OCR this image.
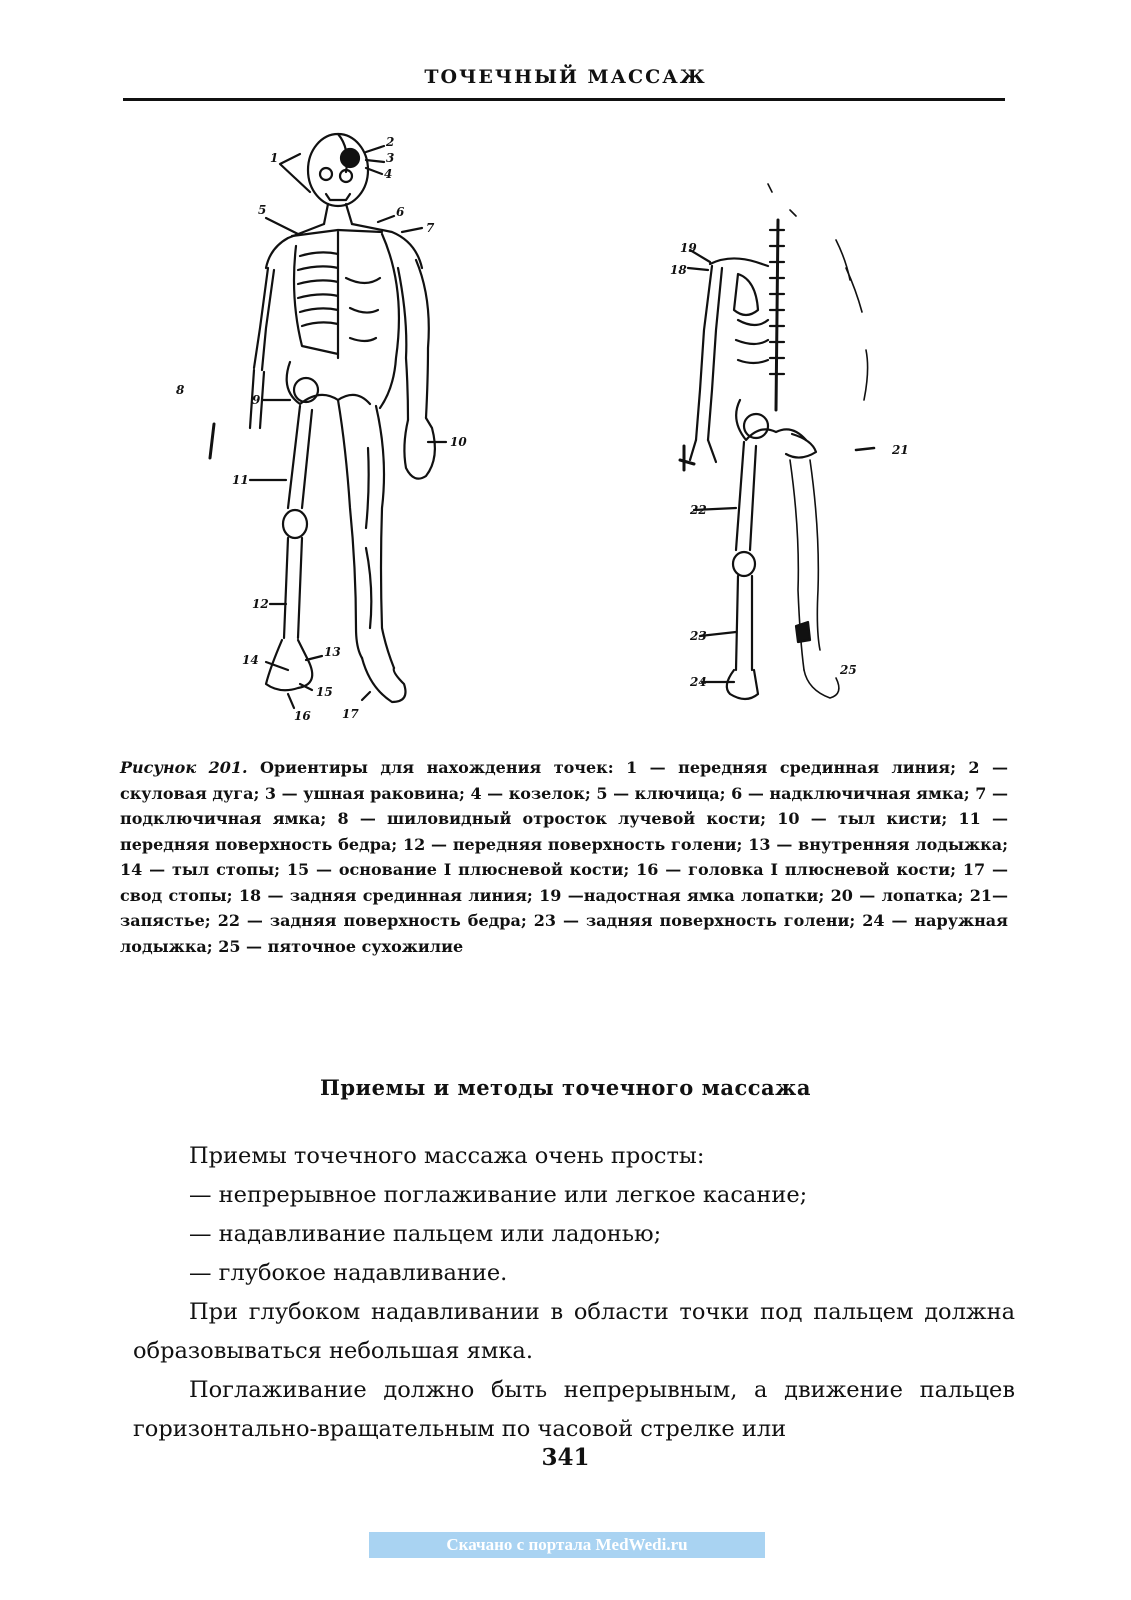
ТОЧЕЧНЫЙ МАССАЖ
1
2
3
4
5	6
7
8
9
10
11
12
13
14
15
16	17
19
18
21
22
23
24
25
Рисунок 201. Ориентиры для нахождения точек: 1 — передняя срединная линия; 2 — скуловая дуга; 3 — ушная раковина; 4 — козелок; 5 — ключица; 6 — надключичная ямка; 7 — подключичная ямка; 8 — шиловидный отросток лучевой кости; 10 — тыл кисти; 11 — передняя поверхность бедра; 12 — передняя поверхность голени; 13 — внутренняя лодыжка; 14 — тыл стопы; 15 — основание I плюсневой кости; 16 — головка I плюсневой кости; 17 — свод стопы; 18 — задняя срединная линия; 19 —надостная ямка лопатки; 20 — лопатка; 21— запястье; 22 — задняя поверхность бедра; 23 — задняя поверхность голени; 24 — наружная лодыжка; 25 — пяточное сухожилие
Приемы и методы точечного массажа

Приемы точечного массажа очень просты:

— непрерывное поглаживание или легкое касание;

— надавливание пальцем или ладонью;

— глубокое надавливание.

При глубоком надавливании в области точки под пальцем должна образовываться небольшая ямка.

Поглаживание должно быть непрерывным, а движение пальцев горизонтально-вращательным по часовой стрелке или

341
Скачано с портала MedWedi.ru
